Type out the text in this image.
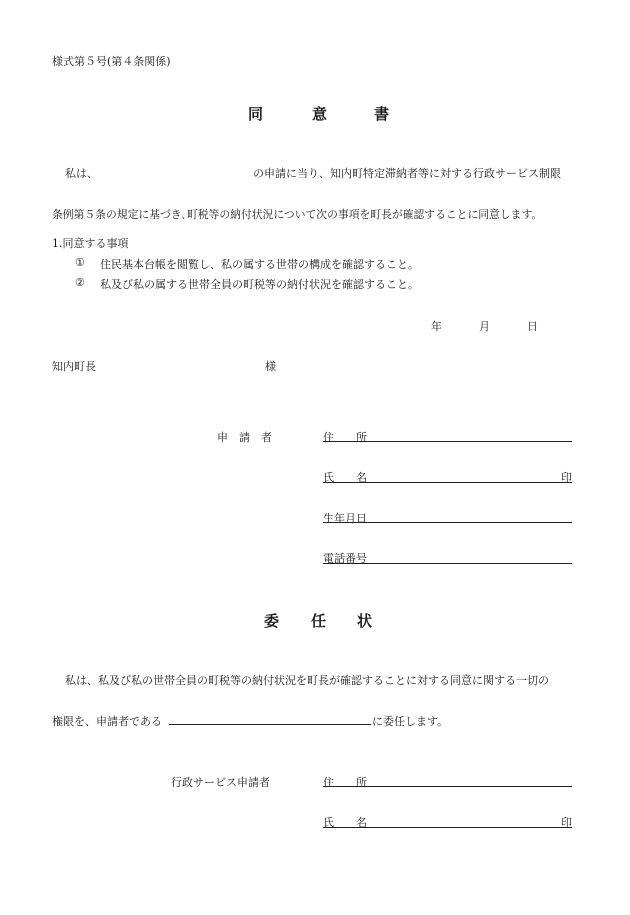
様式第５号(第４条関係)
同	意	書
私は、	の申請に当り、知内町特定滞納者等に対する行政サービス制限
条例第５条の規定に基づき､町税等の納付状況について次の事項を町長が確認することに同意します。
1.同意する事項
① 住民基本台帳を閲覧し、私の属する世帯の構成を確認すること。
② 私及び私の属する世帯全員の町税等の納付状況を確認すること。
年	月	日
知内町長	様
申　請　者	住　　所
氏　　名	印
生年月日
電話番号
委 任 状
私は、私及び私の世帯全員の町税等の納付状況を町長が確認することに対する同意に関する一切の
権限を、申請者である	に委任します。
行政サービス申請者	住　　所
氏　　名	印
